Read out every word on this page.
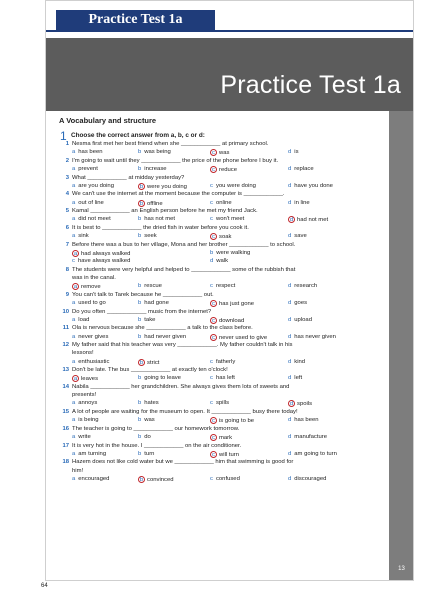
Practice Test 1a
Practice Test 1a
13
A Vocabulary and structure
1 Choose the correct answer from a, b, c or d:
1 Nesma first met her best friend when she ____________ at primary school.
a has been	b was being	c was	d is
2 I'm going to wait until they ____________ the price of the phone before I buy it.
a prevent	b increase	c reduce	d replace
3 What ____________ at midday yesterday?
a are you doing	b were you doing	c you were doing	d have you done
4 We can't use the internet at the moment because the computer is ____________.
a out of line	b offline	c online	d in line
5 Kamal ____________ an English person before he met my friend Jack.
a did not meet	b has not met	c won't meet	d had not met
6 It is best to ____________ the dried fish in water before you cook it.
a sink	b seek	c soak	d save
7 Before there was a bus to her village, Mona and her brother ____________ to school.
a had always walked	b were walking
c have always walked	d walk
8 The students were very helpful and helped to ____________ some of the rubbish that
was in the canal.
a remove	b rescue	c respect	d research
9 You can't talk to Tarek because he ____________ out.
a used to go	b had gone	c has just gone	d goes
10 Do you often ____________ music from the internet?
a load	b take	c download	d upload
11 Ola is nervous because she ____________ a talk to the class before.
a never gives	b had never given	c never used to give	d has never given
12 My father said that his teacher was very ____________. My father couldn't talk in his
lessons!
a enthusiastic	b strict	c fatherly	d kind
13 Don't be late. The bus ____________ at exactly ten o'clock!
a leaves	b going to leave	c has left	d left
14 Nabila ____________ her grandchildren. She always gives them lots of sweets and
presents!
a annoys	b hates	c spills	d spoils
15 A lot of people are waiting for the museum to open. It ____________ busy there today!
a is being	b was	c is going to be	d has been
16 The teacher is going to ____________ our homework tomorrow.
a write	b do	c mark	d manufacture
17 It is very hot in the house. I ____________ on the air conditioner.
a am turning	b turn	c will turn	d am going to turn
18 Hazem does not like cold water but we ____________ him that swimming is good for
him!
a encouraged	b convinced	c confused	d discouraged
64
